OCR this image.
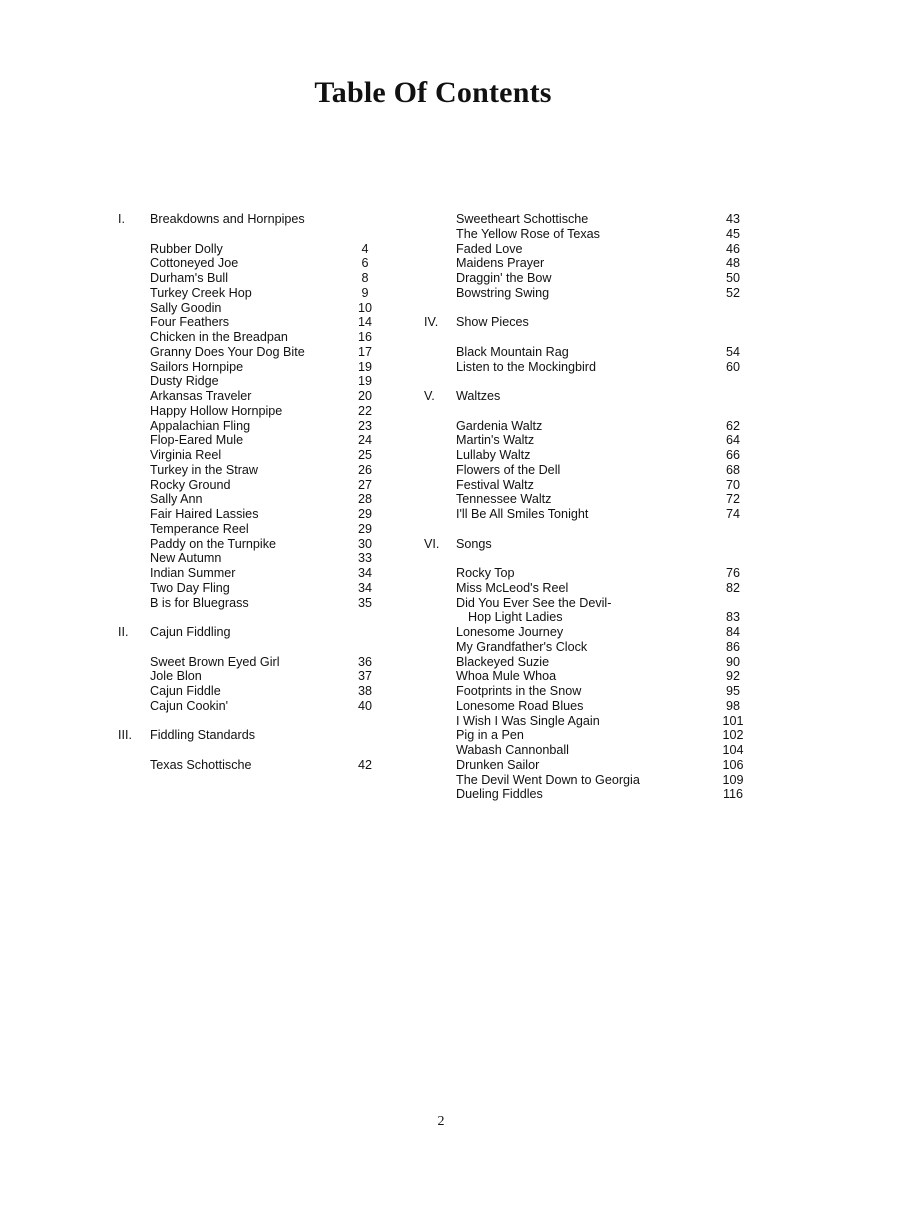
Table Of Contents
I.	Breakdowns and Hornpipes
Rubber Dolly	4
Cottoneyed Joe	6
Durham's Bull	8
Turkey Creek Hop	9
Sally Goodin	10
Four Feathers	14
Chicken in the Breadpan	16
Granny Does Your Dog Bite	17
Sailors Hornpipe	19
Dusty Ridge	19
Arkansas Traveler	20
Happy Hollow Hornpipe	22
Appalachian Fling	23
Flop-Eared Mule	24
Virginia Reel	25
Turkey in the Straw	26
Rocky Ground	27
Sally Ann	28
Fair Haired Lassies	29
Temperance Reel	29
Paddy on the Turnpike	30
New Autumn	33
Indian Summer	34
Two Day Fling	34
B is for Bluegrass	35
II.	Cajun Fiddling
Sweet Brown Eyed Girl	36
Jole Blon	37
Cajun Fiddle	38
Cajun Cookin'	40
III.	Fiddling Standards
Texas Schottische	42
Sweetheart Schottische	43
The Yellow Rose of Texas	45
Faded Love	46
Maidens Prayer	48
Draggin' the Bow	50
Bowstring Swing	52
IV.	Show Pieces
Black Mountain Rag	54
Listen to the Mockingbird	60
V.	Waltzes
Gardenia Waltz	62
Martin's Waltz	64
Lullaby Waltz	66
Flowers of the Dell	68
Festival Waltz	70
Tennessee Waltz	72
I'll Be All Smiles Tonight	74
VI.	Songs
Rocky Top	76
Miss McLeod's Reel	82
Did You Ever See the Devil-
Hop Light Ladies	83
Lonesome Journey	84
My Grandfather's Clock	86
Blackeyed Suzie	90
Whoa Mule Whoa	92
Footprints in the Snow	95
Lonesome Road Blues	98
I Wish I Was Single Again	101
Pig in a Pen	102
Wabash Cannonball	104
Drunken Sailor	106
The Devil Went Down to Georgia	109
Dueling Fiddles	116
2
